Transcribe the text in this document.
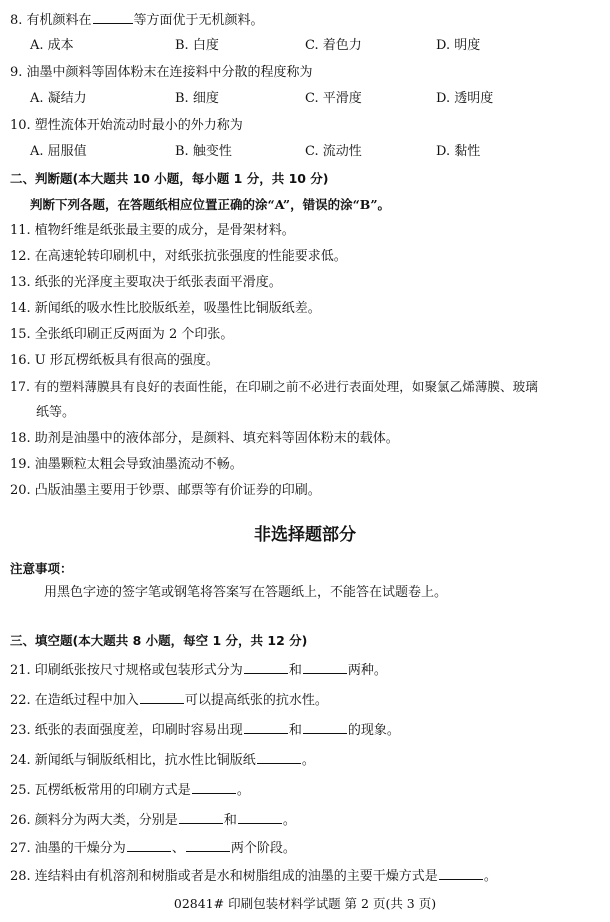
8. 有机颜料在	等方面优于无机颜料。
A. 成本	B. 白度	C. 着色力	D. 明度
9. 油墨中颜料等固体粉末在连接料中分散的程度称为
A. 凝结力	B. 细度	C. 平滑度	D. 透明度
10. 塑性流体开始流动时最小的外力称为
A. 屈服值	B. 触变性	C. 流动性	D. 黏性
二、判断题(本大题共 10 小题，每小题 1 分，共 10 分)
判断下列各题，在答题纸相应位置正确的涂“A”，错误的涂“B”。
11. 植物纤维是纸张最主要的成分，是骨架材料。
12. 在高速轮转印刷机中，对纸张抗张强度的性能要求低。
13. 纸张的光泽度主要取决于纸张表面平滑度。
14. 新闻纸的吸水性比胶版纸差，吸墨性比铜版纸差。
15. 全张纸印刷正反两面为 2 个印张。
16. U 形瓦楞纸板具有很高的强度。
17. 有的塑料薄膜具有良好的表面性能，在印刷之前不必进行表面处理，如聚氯乙烯薄膜、玻璃
纸等。
18. 助剂是油墨中的液体部分，是颜料、填充料等固体粉末的载体。
19. 油墨颗粒太粗会导致油墨流动不畅。
20. 凸版油墨主要用于钞票、邮票等有价证券的印刷。
非选择题部分
注意事项：
用黑色字迹的签字笔或钢笔将答案写在答题纸上，不能答在试题卷上。
三、填空题(本大题共 8 小题，每空 1 分，共 12 分)
21. 印刷纸张按尺寸规格或包装形式分为	和	两种。
22. 在造纸过程中加入	可以提高纸张的抗水性。
23. 纸张的表面强度差，印刷时容易出现	和	的现象。
24. 新闻纸与铜版纸相比，抗水性比铜版纸	。
25. 瓦楞纸板常用的印刷方式是	。
26. 颜料分为两大类，分别是	和	。
27. 油墨的干燥分为	、	两个阶段。
28. 连结料由有机溶剂和树脂或者是水和树脂组成的油墨的主要干燥方式是	。
02841# 印刷包装材料学试题 第 2 页(共 3 页)
